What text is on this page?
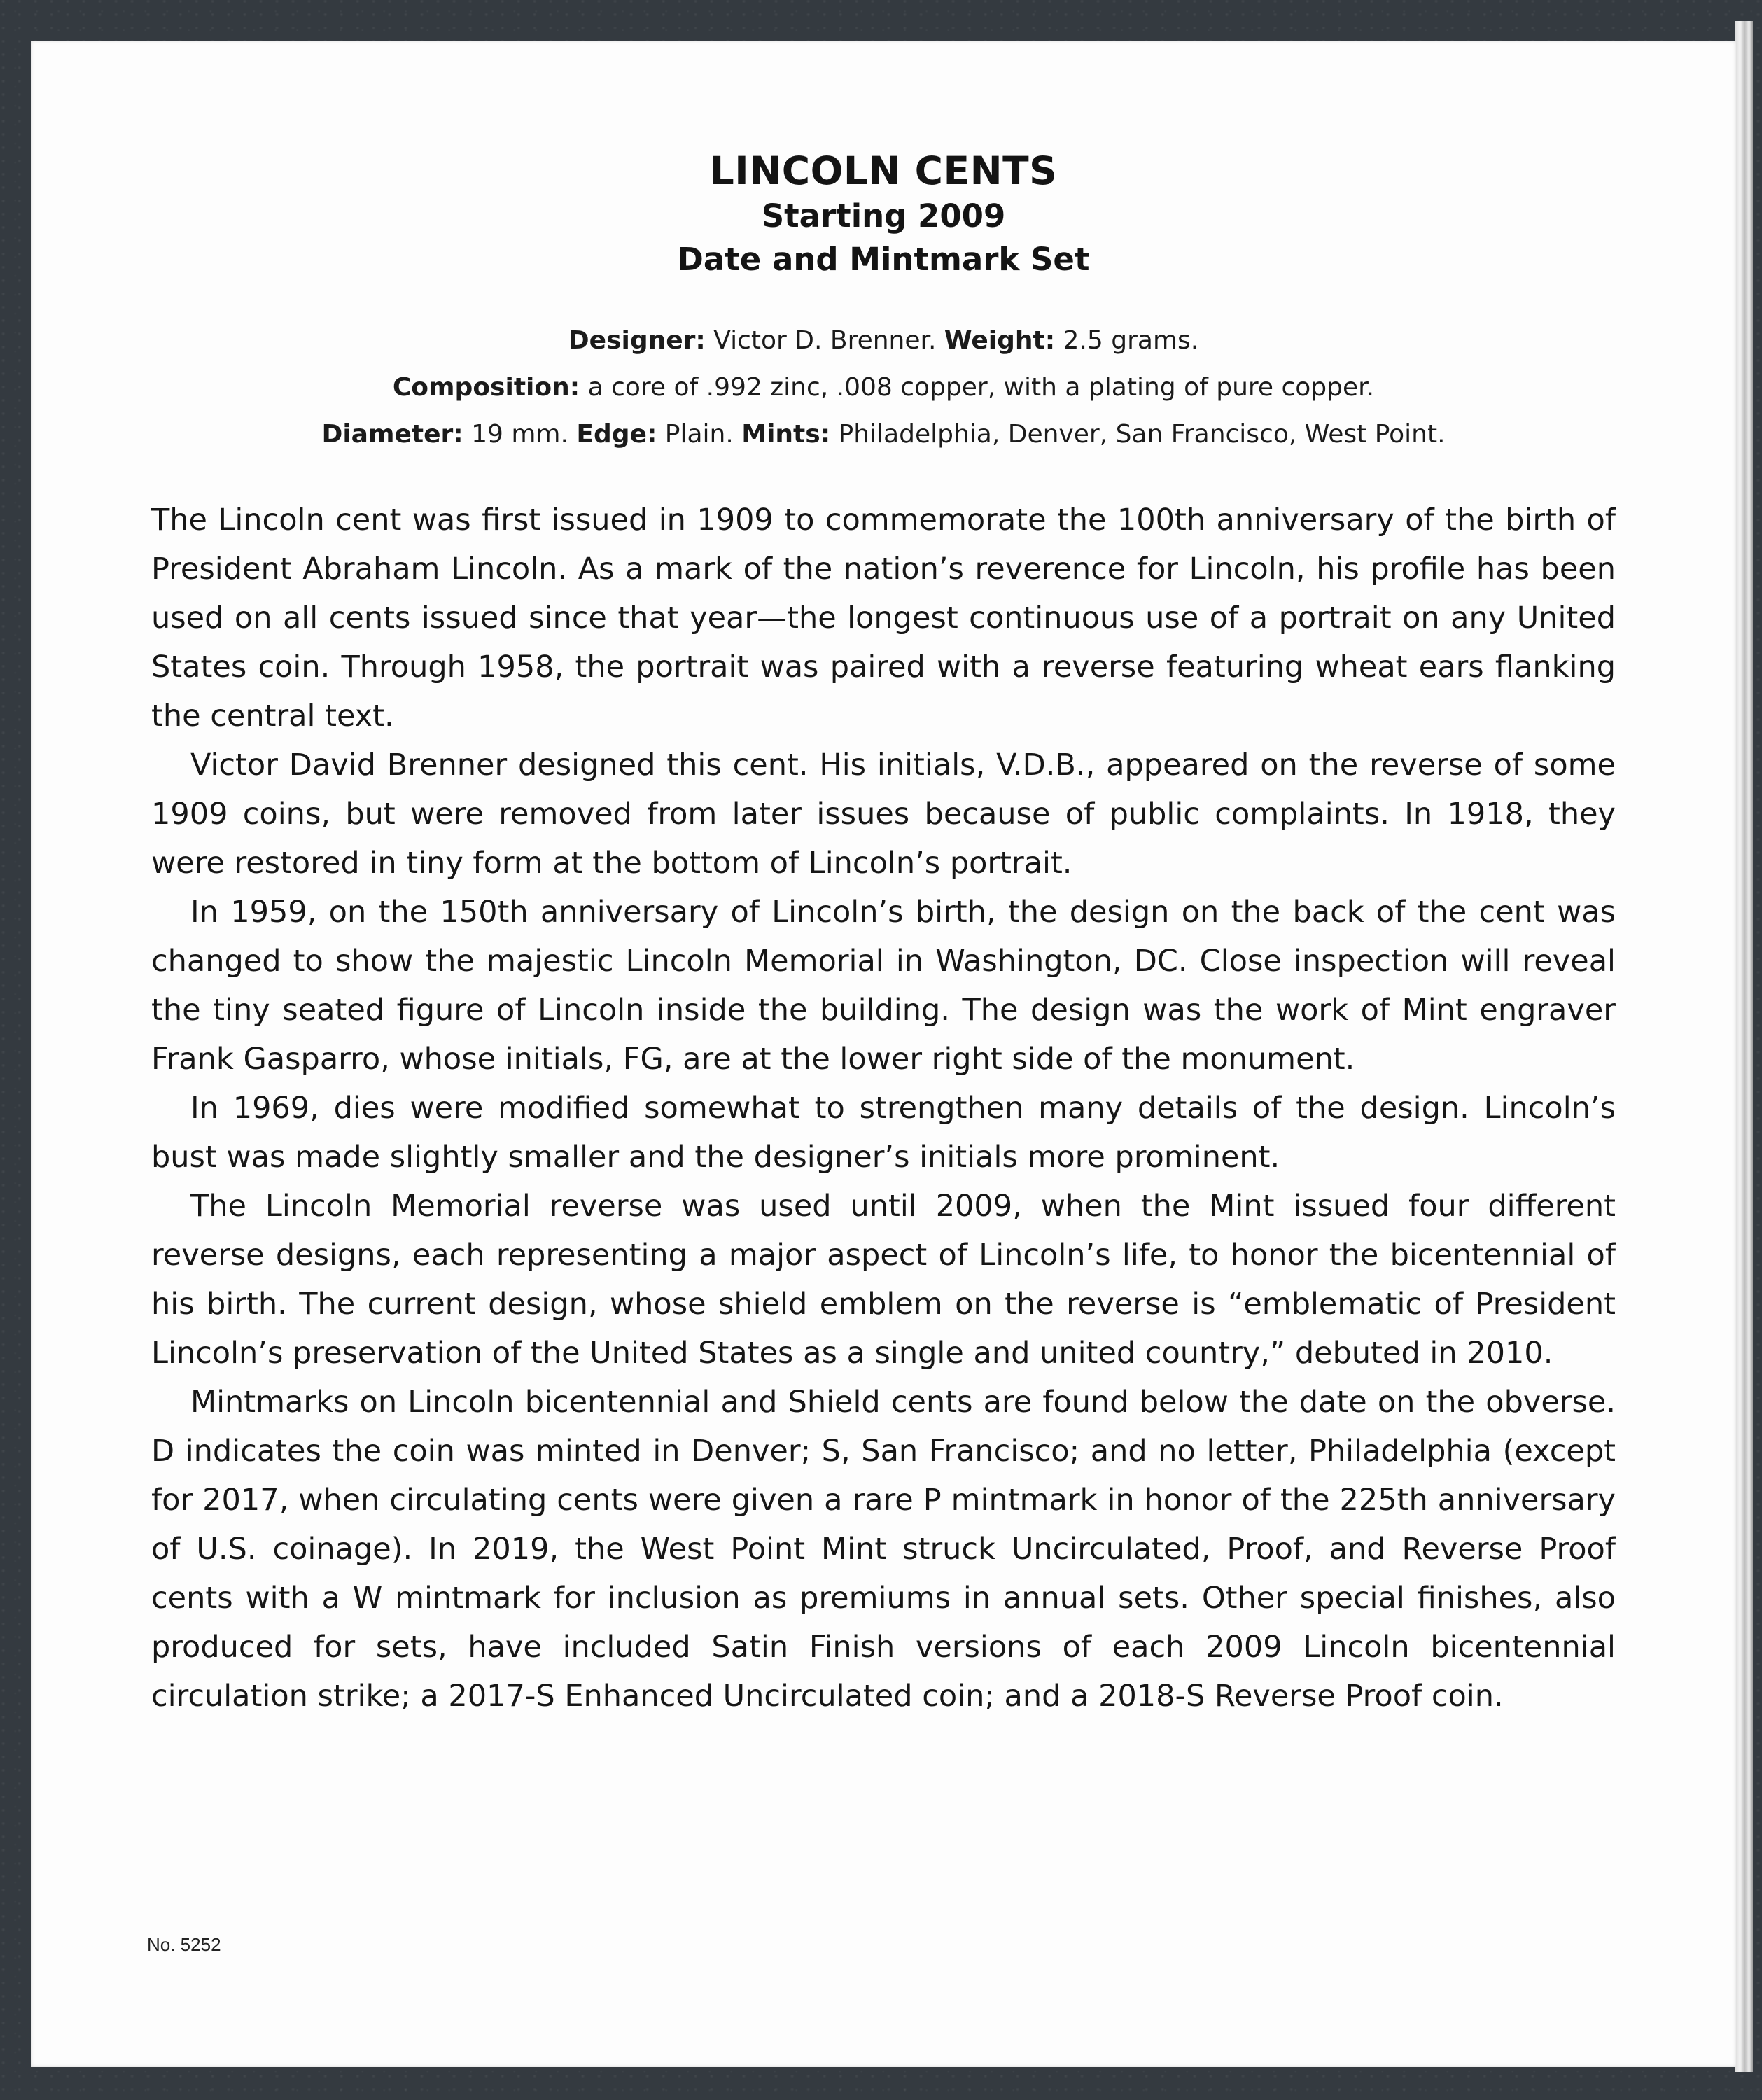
LINCOLN CENTS
Starting 2009
Date and Mintmark Set
Designer: Victor D. Brenner. Weight: 2.5 grams.
Composition: a core of .992 zinc, .008 copper, with a plating of pure copper.
Diameter: 19 mm. Edge: Plain. Mints: Philadelphia, Denver, San Francisco, West Point.

The Lincoln cent was first issued in 1909 to commemorate the 100th anniversary of the birth of President Abraham Lincoln. As a mark of the nation’s reverence for Lincoln, his profile has been used on all cents issued since that year—the longest continuous use of a portrait on any United States coin. Through 1958, the portrait was paired with a reverse featuring wheat ears flanking the central text.

Victor David Brenner designed this cent. His initials, V.D.B., appeared on the reverse of some 1909 coins, but were removed from later issues because of public complaints. In 1918, they were restored in tiny form at the bottom of Lincoln’s portrait.

In 1959, on the 150th anniversary of Lincoln’s birth, the design on the back of the cent was changed to show the majestic Lincoln Memorial in Washington, DC. Close inspection will reveal the tiny seated figure of Lincoln inside the building. The design was the work of Mint engraver Frank Gasparro, whose initials, FG, are at the lower right side of the monument.

In 1969, dies were modified somewhat to strengthen many details of the design. Lincoln’s bust was made slightly smaller and the designer’s initials more prominent.

The Lincoln Memorial reverse was used until 2009, when the Mint issued four different reverse designs, each representing a major aspect of Lincoln’s life, to honor the bicentennial of his birth. The current design, whose shield emblem on the reverse is “emblematic of President Lincoln’s preservation of the United States as a single and united country,” debuted in 2010.

Mintmarks on Lincoln bicentennial and Shield cents are found below the date on the obverse. D indicates the coin was minted in Denver; S, San Francisco; and no letter, Philadelphia (except for 2017, when circulating cents were given a rare P mintmark in honor of the 225th anniversary of U.S. coinage). In 2019, the West Point Mint struck Uncirculated, Proof, and Reverse Proof cents with a W mintmark for inclusion as premiums in annual sets. Other special finishes, also produced for sets, have included Satin Finish versions of each 2009 Lincoln bicentennial circulation strike; a 2017-S Enhanced Uncirculated coin; and a 2018-S Reverse Proof coin.

No. 5252
